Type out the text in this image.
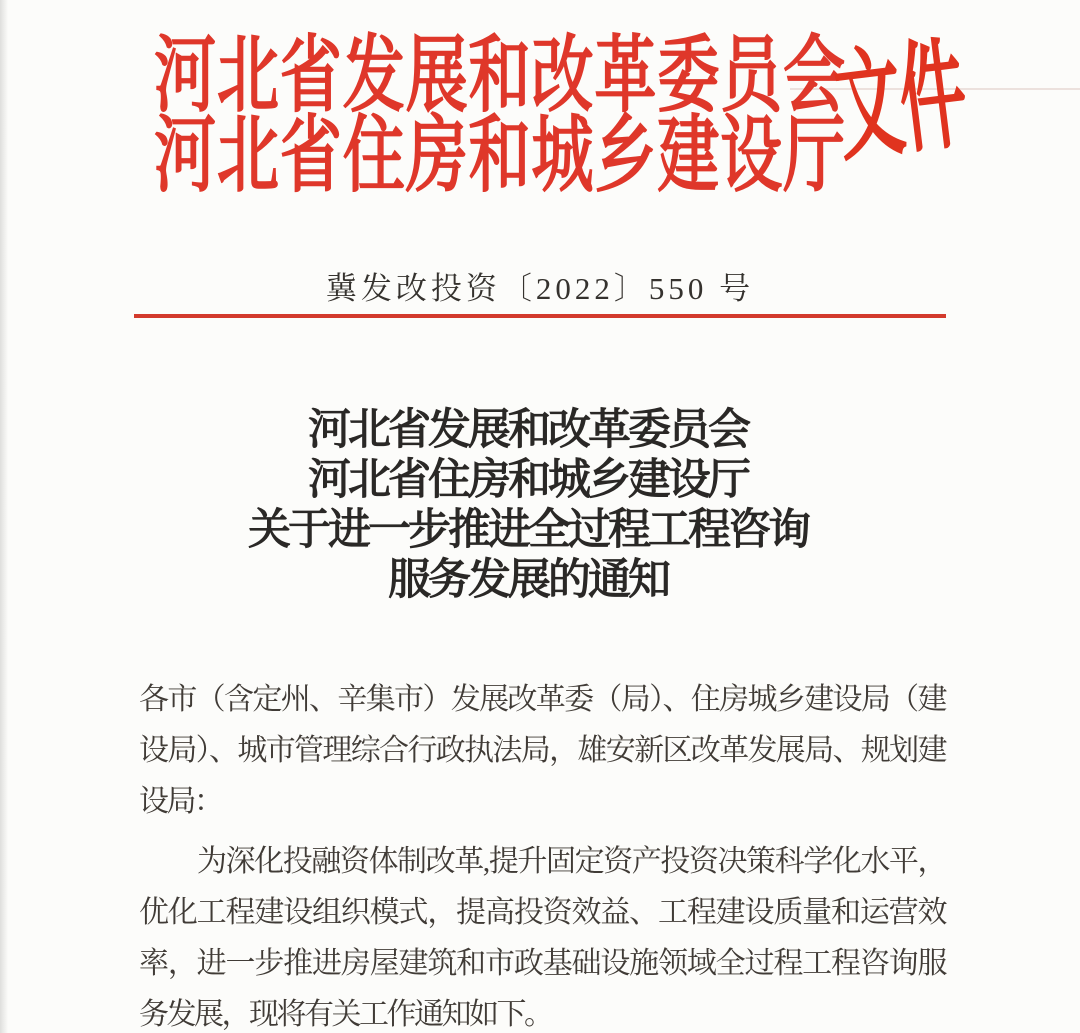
河北省发展和改革委员会
河北省住房和城乡建设厅
文件
冀发改投资〔2022〕550 号
河北省发展和改革委员会
河北省住房和城乡建设厅
关于进一步推进全过程工程咨询
服务发展的通知
各市（含定州、辛集市）发展改革委（局）、住房城乡建设局（建
设局）、城市管理综合行政执法局，雄安新区改革发展局、规划建
设局：
为深化投融资体制改革,提升固定资产投资决策科学化水平，
优化工程建设组织模式，提高投资效益、工程建设质量和运营效
率，进一步推进房屋建筑和市政基础设施领域全过程工程咨询服
务发展，现将有关工作通知如下。
